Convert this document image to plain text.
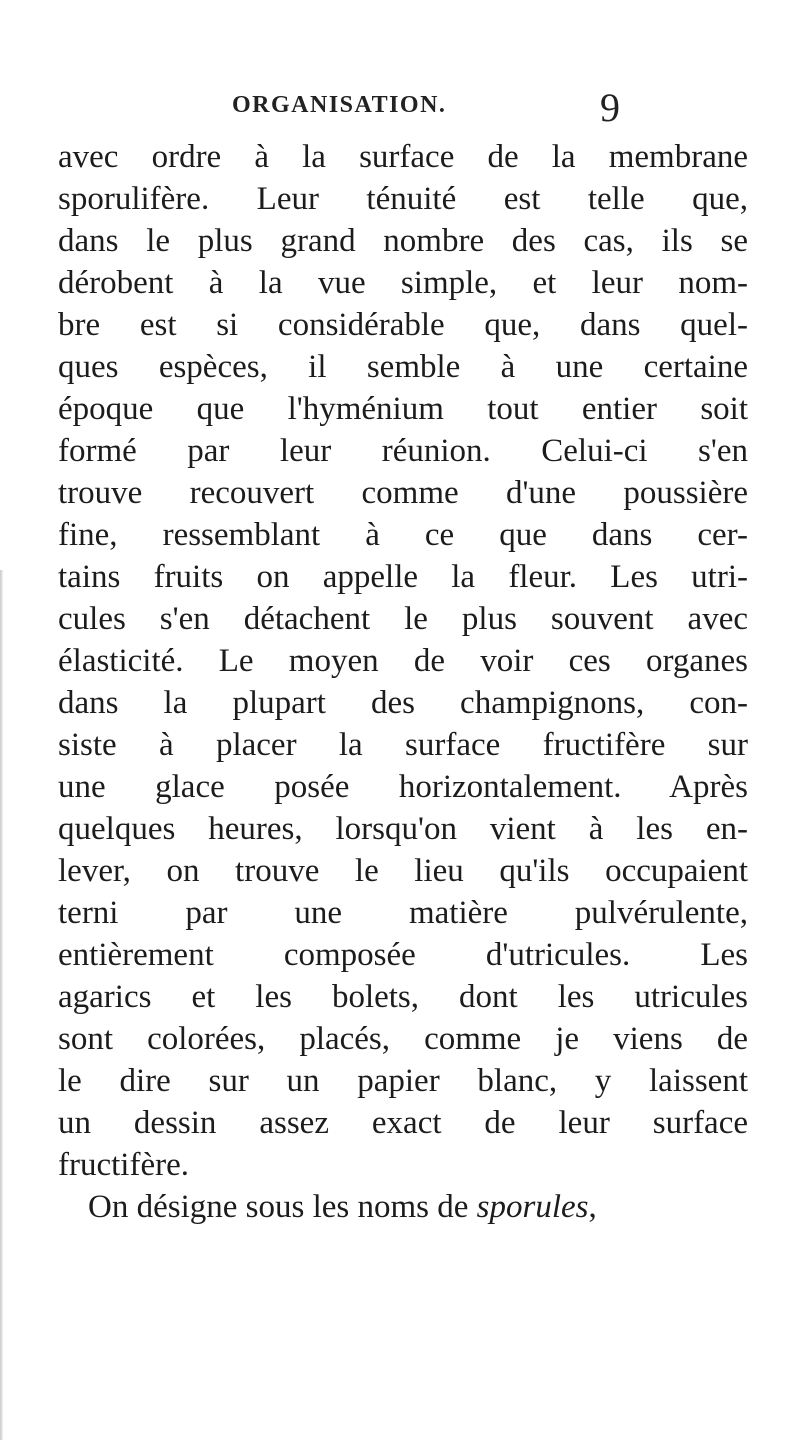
ORGANISATION.	9
avec ordre à la surface de la membrane
sporulifère. Leur ténuité est telle que,
dans le plus grand nombre des cas, ils se
dérobent à la vue simple, et leur nom-
bre est si considérable que, dans quel-
ques espèces, il semble à une certaine
époque que l'hyménium tout entier soit
formé par leur réunion. Celui-ci s'en
trouve recouvert comme d'une poussière
fine, ressemblant à ce que dans cer-
tains fruits on appelle la fleur. Les utri-
cules s'en détachent le plus souvent avec
élasticité. Le moyen de voir ces organes
dans la plupart des champignons, con-
siste à placer la surface fructifère sur
une glace posée horizontalement. Après
quelques heures, lorsqu'on vient à les en-
lever, on trouve le lieu qu'ils occupaient
terni par une matière pulvérulente,
entièrement composée d'utricules. Les
agarics et les bolets, dont les utricules
sont colorées, placés, comme je viens de
le dire sur un papier blanc, y laissent
un dessin assez exact de leur surface
fructifère.
On désigne sous les noms de sporules,
